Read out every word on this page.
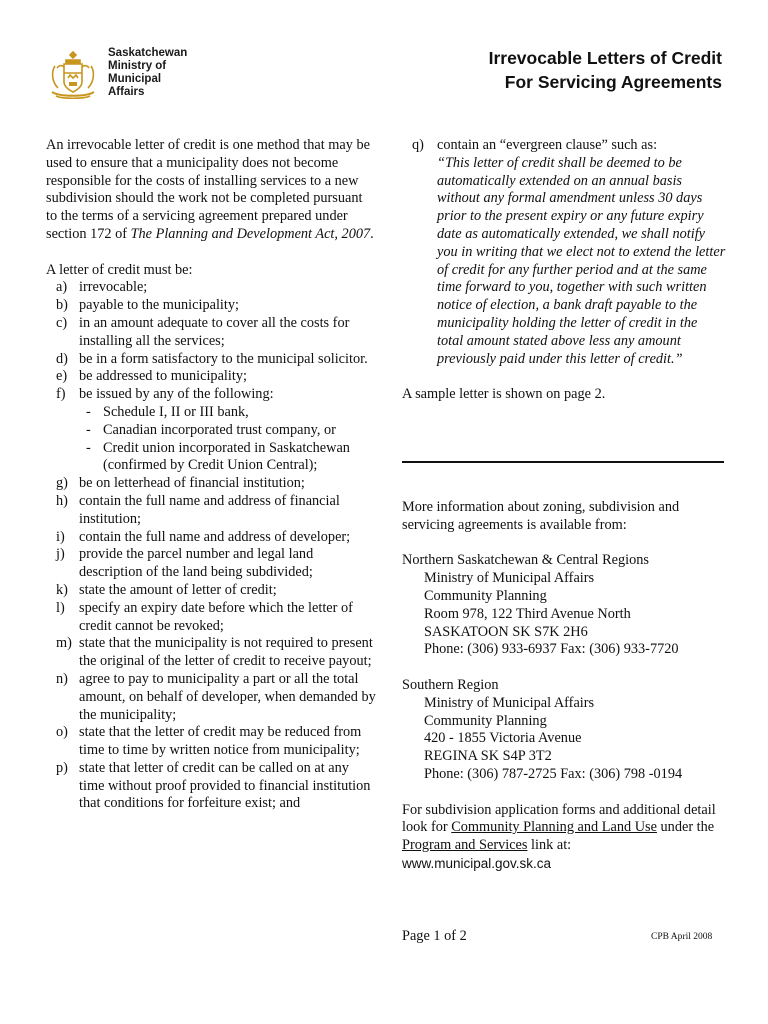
Saskatchewan
Ministry of
Municipal
Affairs
Irrevocable Letters of Credit
For Servicing Agreements

An irrevocable letter of credit is one method that may be used to ensure that a municipality does not become responsible for the costs of installing services to a new subdivision should the work not be completed pursuant to the terms of a servicing agreement prepared under section 172 of The Planning and Development Act, 2007.

A letter of credit must be:

a) irrevocable;
b) payable to the municipality;
c) in an amount adequate to cover all the costs for installing all the services;
d) be in a form satisfactory to the municipal solicitor.
e) be addressed to municipality;
f) be issued by any of the following:
- Schedule I, II or III bank,
- Canadian incorporated trust company, or
- Credit union incorporated in Saskatchewan (confirmed by Credit Union Central);
g) be on letterhead of financial institution;
h) contain the full name and address of financial institution;
i) contain the full name and address of developer;
j) provide the parcel number and legal land description of the land being subdivided;
k) state the amount of letter of credit;
l) specify an expiry date before which the letter of credit cannot be revoked;
m) state that the municipality is not required to present the original of the letter of credit to receive payout;
n) agree to pay to municipality a part or all the total amount, on behalf of developer, when demanded by the municipality;
o) state that the letter of credit may be reduced from time to time by written notice from municipality;
p) state that letter of credit can be called on at any time without proof provided to financial institution that conditions for forfeiture exist; and
q) contain an “evergreen clause” such as:

“This letter of credit shall be deemed to be automatically extended on an annual basis without any formal amendment unless 30 days prior to the present expiry or any future expiry date as automatically extended, we shall notify you in writing that we elect not to extend the letter of credit for any further period and at the same time forward to you, together with such written notice of election, a bank draft payable to the municipality holding the letter of credit in the total amount stated above less any amount previously paid under this letter of credit.”

A sample letter is shown on page 2.

More information about zoning, subdivision and servicing agreements is available from:

Northern Saskatchewan & Central Regions

Ministry of Municipal Affairs

Community Planning

Room 978, 122 Third Avenue North

SASKATOON SK S7K 2H6

Phone: (306) 933-6937 Fax: (306) 933-7720

Southern Region

Ministry of Municipal Affairs

Community Planning

420 - 1855 Victoria Avenue

REGINA SK S4P 3T2

Phone: (306) 787-2725 Fax: (306) 798 -0194

For subdivision application forms and additional detail look for Community Planning and Land Use under the Program and Services link at:

www.municipal.gov.sk.ca

Page 1 of 2	CPB April 2008
